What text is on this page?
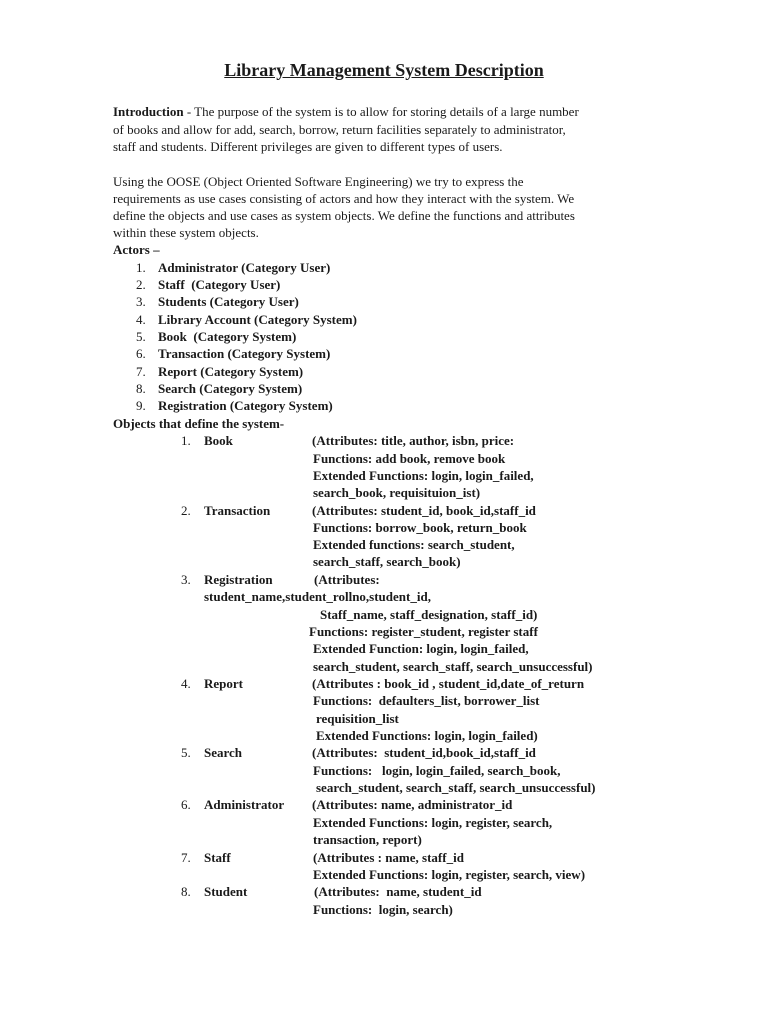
Library Management System Description
Introduction - The purpose of the system is to allow for storing details of a large number
of books and allow for add, search, borrow, return facilities separately to administrator,
staff and students. Different privileges are given to different types of users.
Using the OOSE (Object Oriented Software Engineering) we try to express the
requirements as use cases consisting of actors and how they interact with the system. We
define the objects and use cases as system objects. We define the functions and attributes
within these system objects.
Actors –
1. Administrator (Category User)
2. Staff  (Category User)
3. Students (Category User)
4. Library Account (Category System)
5. Book  (Category System)
6. Transaction (Category System)
7. Report (Category System)
8. Search (Category System)
9. Registration (Category System)
Objects that define the system-
1. Book	(Attributes: title, author, isbn, price:
Functions: add book, remove book
Extended Functions: login, login_failed,
search_book, requisituion_ist)
2. Transaction	(Attributes: student_id, book_id,staff_id
Functions: borrow_book, return_book
Extended functions: search_student,
search_staff, search_book)
3. Registration	(Attributes:
student_name,student_rollno,student_id,
Staff_name, staff_designation, staff_id)
Functions: register_student, register staff
Extended Function: login, login_failed,
search_student, search_staff, search_unsuccessful)
4. Report	(Attributes : book_id , student_id,date_of_return
Functions:  defaulters_list, borrower_list
requisition_list
Extended Functions: login, login_failed)
5. Search	(Attributes:  student_id,book_id,staff_id
Functions:   login, login_failed, search_book,
search_student, search_staff, search_unsuccessful)
6. Administrator (Attributes: name, administrator_id
Extended Functions: login, register, search,
transaction, report)
7. Staff	(Attributes : name, staff_id
Extended Functions: login, register, search, view)
8. Student	(Attributes:  name, student_id
Functions:  login, search)
